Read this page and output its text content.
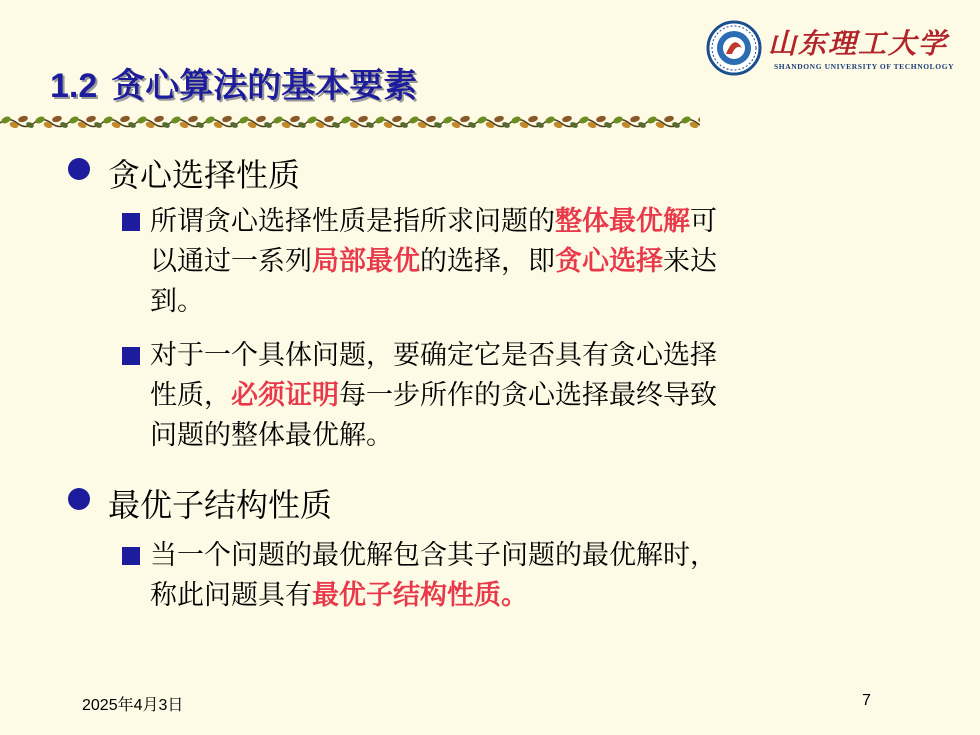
山东理工大学
SHANDONG UNIVERSITY OF TECHNOLOGY
1.2 贪心算法的基本要素
贪心选择性质
所谓贪心选择性质是指所求问题的整体最优解可
以通过一系列局部最优的选择，即贪心选择来达
到。
对于一个具体问题，要确定它是否具有贪心选择
性质，必须证明每一步所作的贪心选择最终导致
问题的整体最优解。
最优子结构性质
当一个问题的最优解包含其子问题的最优解时，
称此问题具有最优子结构性质。
2025年4月3日	7
